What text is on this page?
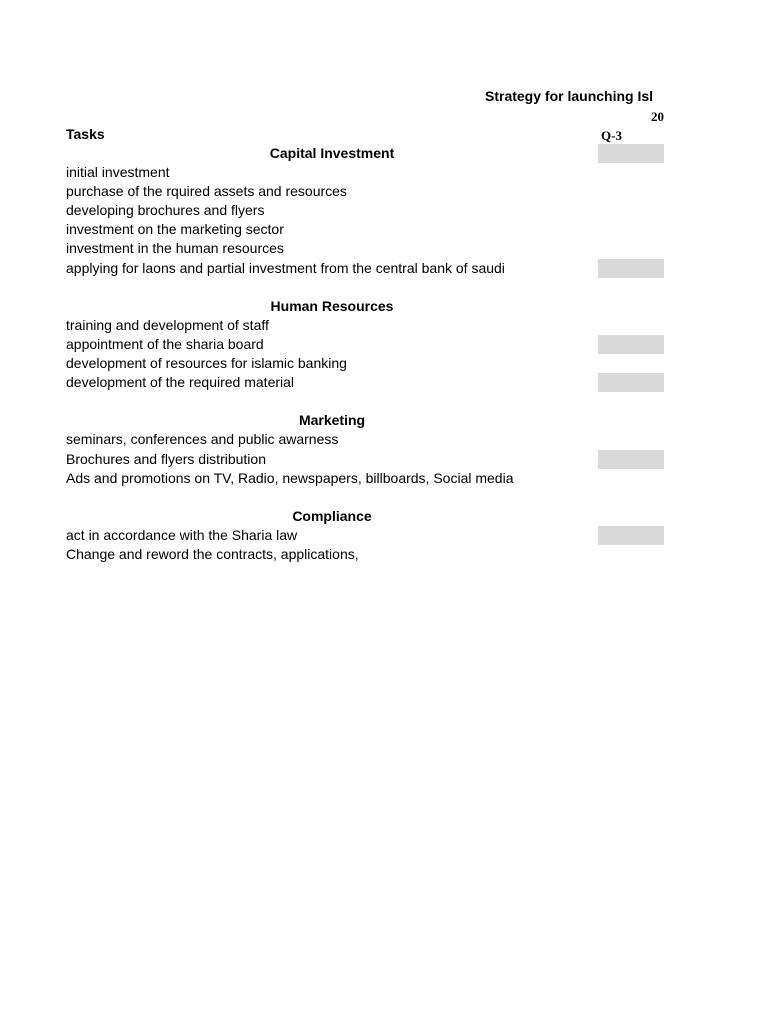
Strategy for launching Isl
20
Tasks	Q-3
Capital Investment
initial investment
purchase of the rquired assets and resources
developing brochures and flyers
investment on the marketing sector
investment in the human resources
applying for laons and partial investment from the central bank of saudi
Human Resources
training and development of staff
appointment of the sharia board
development of resources for islamic banking
development of the required material
Marketing
seminars, conferences and public awarness
Brochures and flyers distribution
Ads and promotions on TV, Radio, newspapers, billboards, Social media
Compliance
act in accordance with the Sharia law
Change and reword the contracts, applications,
